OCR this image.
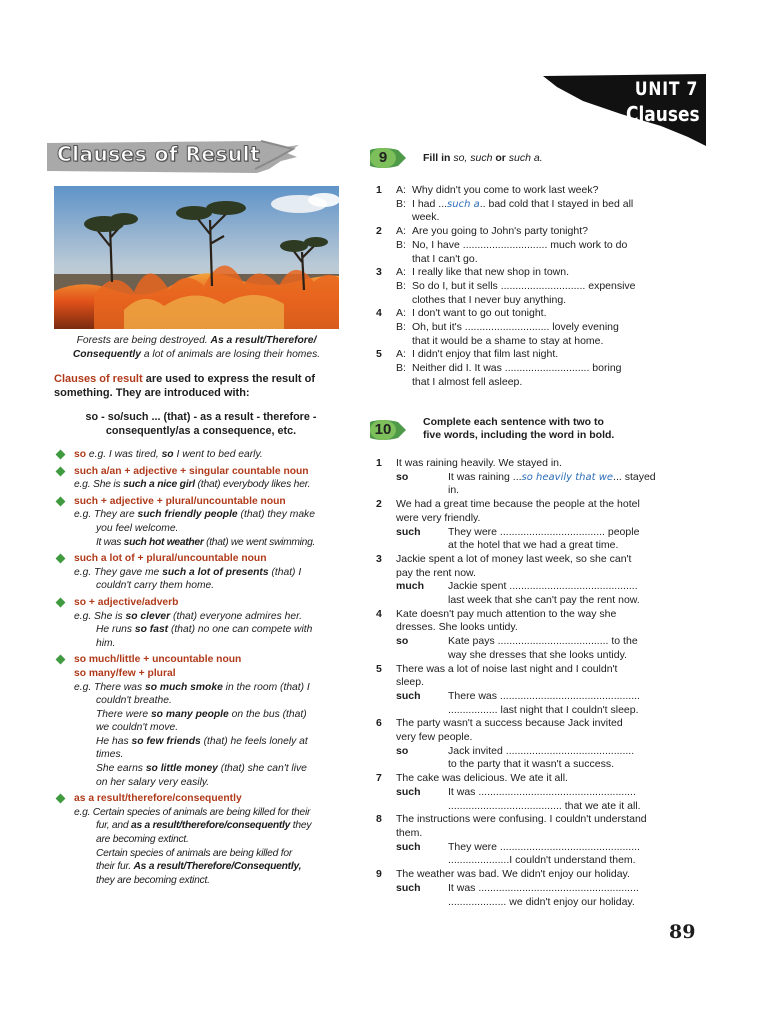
UNIT 7
Clauses
Clauses of Result
Forests are being destroyed. As a result/Therefore/
Consequently a lot of animals are losing their homes.
Clauses of result are used to express the result of something. They are introduced with:
so - so/such ... (that) - as a result - therefore -
consequently/as a consequence, etc.
so e.g. I was tired, so I went to bed early.
such a/an + adjective + singular countable noun
e.g. She is such a nice girl (that) everybody likes her.
such + adjective + plural/uncountable noun
e.g. They are such friendly people (that) they make
you feel welcome.
It was such hot weather (that) we went swimming.
such a lot of + plural/uncountable noun
e.g. They gave me such a lot of presents (that) I
couldn't carry them home.
so + adjective/adverb
e.g. She is so clever (that) everyone admires her.
He runs so fast (that) no one can compete with
him.
so much/little + uncountable noun
so many/few + plural
e.g. There was so much smoke in the room (that) I
couldn't breathe.
There were so many people on the bus (that)
we couldn't move.
He has so few friends (that) he feels lonely at
times.
She earns so little money (that) she can't live
on her salary very easily.
as a result/therefore/consequently
e.g. Certain species of animals are being killed for their
fur, and as a result/therefore/consequently they
are becoming extinct.
Certain species of animals are being killed for
their fur. As a result/Therefore/Consequently,
they are becoming extinct.
9	Fill in so, such or such a.
1 A: Why didn't you come to work last week?
B: I had ...such a.. bad cold that I stayed in bed all
week.
2 A: Are you going to John's party tonight?
B: No, I have ............................. much work to do
that I can't go.
3 A: I really like that new shop in town.
B: So do I, but it sells ............................. expensive
clothes that I never buy anything.
4 A: I don't want to go out tonight.
B: Oh, but it's ............................. lovely evening
that it would be a shame to stay at home.
5 A: I didn't enjoy that film last night.
B: Neither did I. It was ............................. boring
that I almost fell asleep.
10	Complete each sentence with two to
five words, including the word in bold.
1 It was raining heavily. We stayed in.
so	It was raining ...so heavily that we... stayed
in.
2 We had a great time because the people at the hotel
were very friendly.
such	They were .................................... people
at the hotel that we had a great time.
3 Jackie spent a lot of money last week, so she can't
pay the rent now.
much Jackie spent ............................................
last week that she can't pay the rent now.
4 Kate doesn't pay much attention to the way she
dresses. She looks untidy.
so	Kate pays ...................................... to the
way she dresses that she looks untidy.
5 There was a lot of noise last night and I couldn't
sleep.
such	There was ................................................
................. last night that I couldn't sleep.
6 The party wasn't a success because Jack invited
very few people.
so	Jack invited ............................................
to the party that it wasn't a success.
7 The cake was delicious. We ate it all.
such	It was ......................................................
....................................... that we ate it all.
8 The instructions were confusing. I couldn't understand
them.
such	They were ................................................
.....................I couldn't understand them.
9 The weather was bad. We didn't enjoy our holiday.
such	It was .......................................................
.................... we didn't enjoy our holiday.
89
